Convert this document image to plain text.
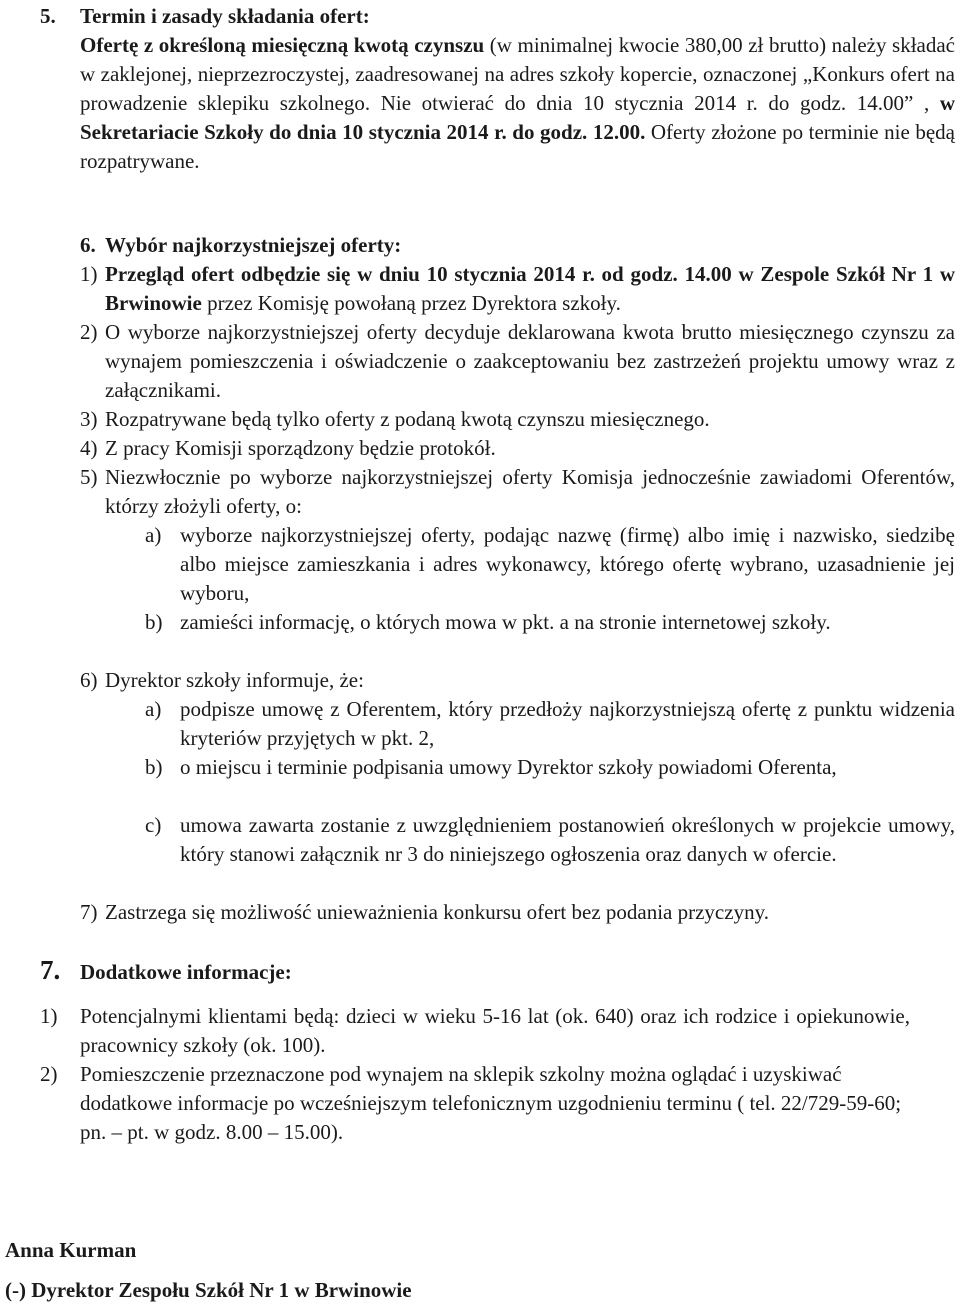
5. Termin i zasady składania ofert:
Ofertę z określoną miesięczną kwotą czynszu (w minimalnej kwocie 380,00 zł brutto) należy składać w zaklejonej, nieprzezroczystej, zaadresowanej na adres szkoły kopercie, oznaczonej „Konkurs ofert na prowadzenie sklepiku szkolnego. Nie otwierać do dnia 10 stycznia 2014 r. do godz. 14.00” , w Sekretariacie Szkoły do dnia 10 stycznia 2014 r. do godz. 12.00. Oferty złożone po terminie nie będą rozpatrywane.
6. Wybór najkorzystniejszej oferty:
1) Przegląd ofert odbędzie się w dniu 10 stycznia 2014 r. od godz. 14.00 w Zespole Szkół Nr 1 w Brwinowie przez Komisję powołaną przez Dyrektora szkoły.
2) O wyborze najkorzystniejszej oferty decyduje deklarowana kwota brutto miesięcznego czynszu za wynajem pomieszczenia i oświadczenie o zaakceptowaniu bez zastrzeżeń projektu umowy wraz z załącznikami.
3) Rozpatrywane będą tylko oferty z podaną kwotą czynszu miesięcznego.
4) Z pracy Komisji sporządzony będzie protokół.
5) Niezwłocznie po wyborze najkorzystniejszej oferty Komisja jednocześnie zawiadomi Oferentów, którzy złożyli oferty, o:
a) wyborze najkorzystniejszej oferty, podając nazwę (firmę) albo imię i nazwisko, siedzibę albo miejsce zamieszkania i adres wykonawcy, którego ofertę wybrano, uzasadnienie jej wyboru,
b) zamieści informację, o których mowa w pkt. a na stronie internetowej szkoły.
6) Dyrektor szkoły informuje, że:
a) podpisze umowę z Oferentem, który przedłoży najkorzystniejszą ofertę z punktu widzenia kryteriów przyjętych w pkt. 2,
b) o miejscu i terminie podpisania umowy Dyrektor szkoły powiadomi Oferenta,
c) umowa zawarta zostanie z uwzględnieniem postanowień określonych w projekcie umowy, który stanowi załącznik nr 3 do niniejszego ogłoszenia oraz danych w ofercie.
7) Zastrzega się możliwość unieważnienia konkursu ofert bez podania przyczyny.
7. Dodatkowe informacje:
1) Potencjalnymi klientami będą: dzieci w wieku 5-16 lat (ok. 640) oraz ich rodzice i opiekunowie, pracownicy szkoły (ok. 100).
2) Pomieszczenie przeznaczone pod wynajem na sklepik szkolny można oglądać i uzyskiwać dodatkowe informacje po wcześniejszym telefonicznym uzgodnieniu terminu ( tel. 22/729-59-60; pn. – pt. w godz. 8.00 – 15.00).
Anna Kurman
(-) Dyrektor Zespołu Szkół Nr 1 w Brwinowie
